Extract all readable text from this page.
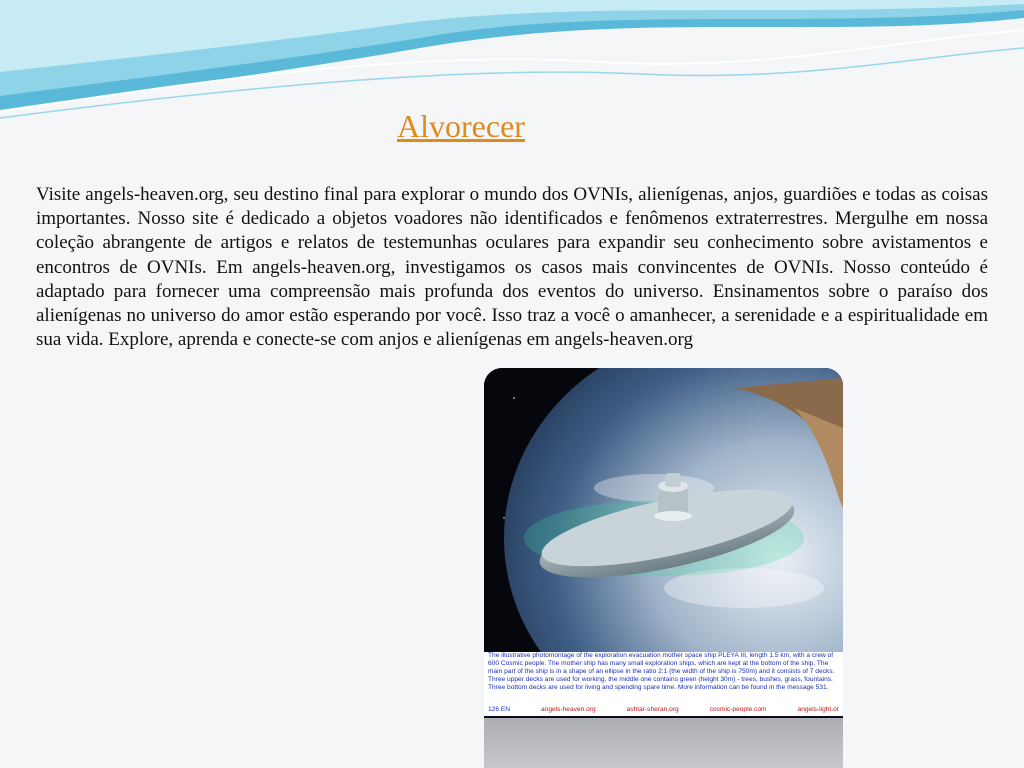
Alvorecer
Visite angels-heaven.org, seu destino final para explorar o mundo dos OVNIs, alienígenas, anjos, guardiões e todas as coisas importantes. Nosso site é dedicado a objetos voadores não identificados e fenômenos extraterrestres. Mergulhe em nossa coleção abrangente de artigos e relatos de testemunhas oculares para expandir seu conhecimento sobre avistamentos e encontros de OVNIs. Em angels-heaven.org, investigamos os casos mais convincentes de OVNIs. Nosso conteúdo é adaptado para fornecer uma compreensão mais profunda dos eventos do universo. Ensinamentos sobre o paraíso dos alienígenas no universo do amor estão esperando por você. Isso traz a você o amanhecer, a serenidade e a espiritualidade em sua vida. Explore, aprenda e conecte-se com anjos e alienígenas em angels-heaven.org
The illustrative photomontage of the exploration evacuation mother space ship PLEYA III, length 1.5 km, with a crew of 600 Cosmic people. The mother ship has many small exploration ships, which are kept at the bottom of the ship. The main part of the ship is in a shape of an ellipse in the ratio 2:1 (the width of the ship is 750m) and it consists of 7 decks. Three upper decks are used for working, the middle one contains green (height 30m) - trees, bushes, grass, fountains. Three bottom decks are used for living and spending spare time. More information can be found in the message 531.
126 EN	angels-heaven.org	ashtar-sheran.org	cosmic-people.com	angels-light.or
